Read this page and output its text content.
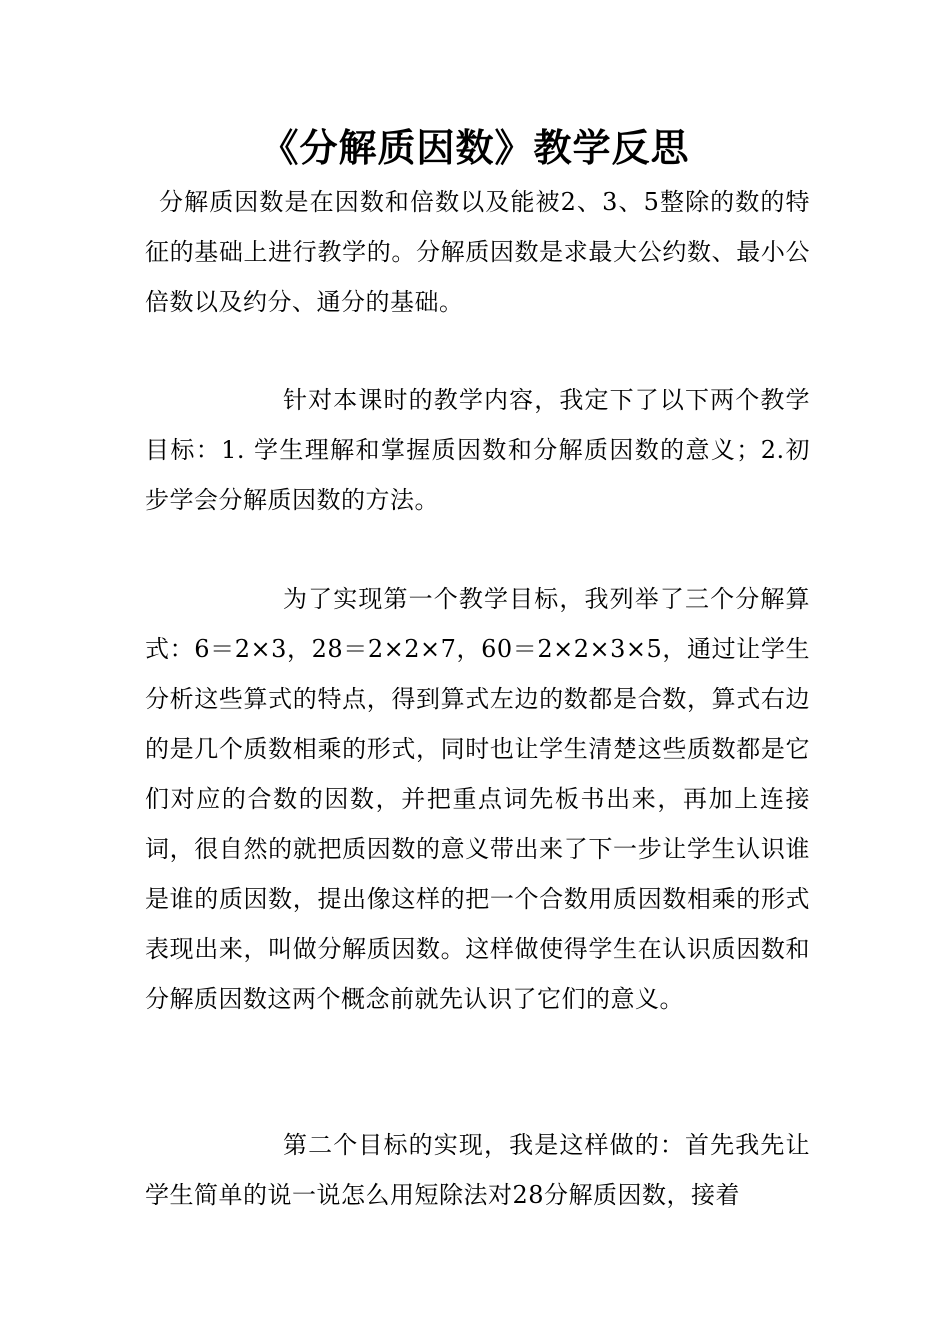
《分解质因数》教学反思

分解质因数是在因数和倍数以及能被2、3、5整除的数的特征的基础上进行教学的。分解质因数是求最大公约数、最小公倍数以及约分、通分的基础。

针对本课时的教学内容，我定下了以下两个教学目标：1. 学生理解和掌握质因数和分解质因数的意义；2.初步学会分解质因数的方法。

为了实现第一个教学目标，我列举了三个分解算式：6＝2×3，28＝2×2×7，60＝2×2×3×5，通过让学生分析这些算式的特点，得到算式左边的数都是合数，算式右边的是几个质数相乘的形式，同时也让学生清楚这些质数都是它们对应的合数的因数，并把重点词先板书出来，再加上连接词，很自然的就把质因数的意义带出来了下一步让学生认识谁是谁的质因数，提出像这样的把一个合数用质因数相乘的形式表现出来，叫做分解质因数。这样做使得学生在认识质因数和分解质因数这两个概念前就先认识了它们的意义。

第二个目标的实现，我是这样做的：首先我先让学生简单的说一说怎么用短除法对28分解质因数，接着
